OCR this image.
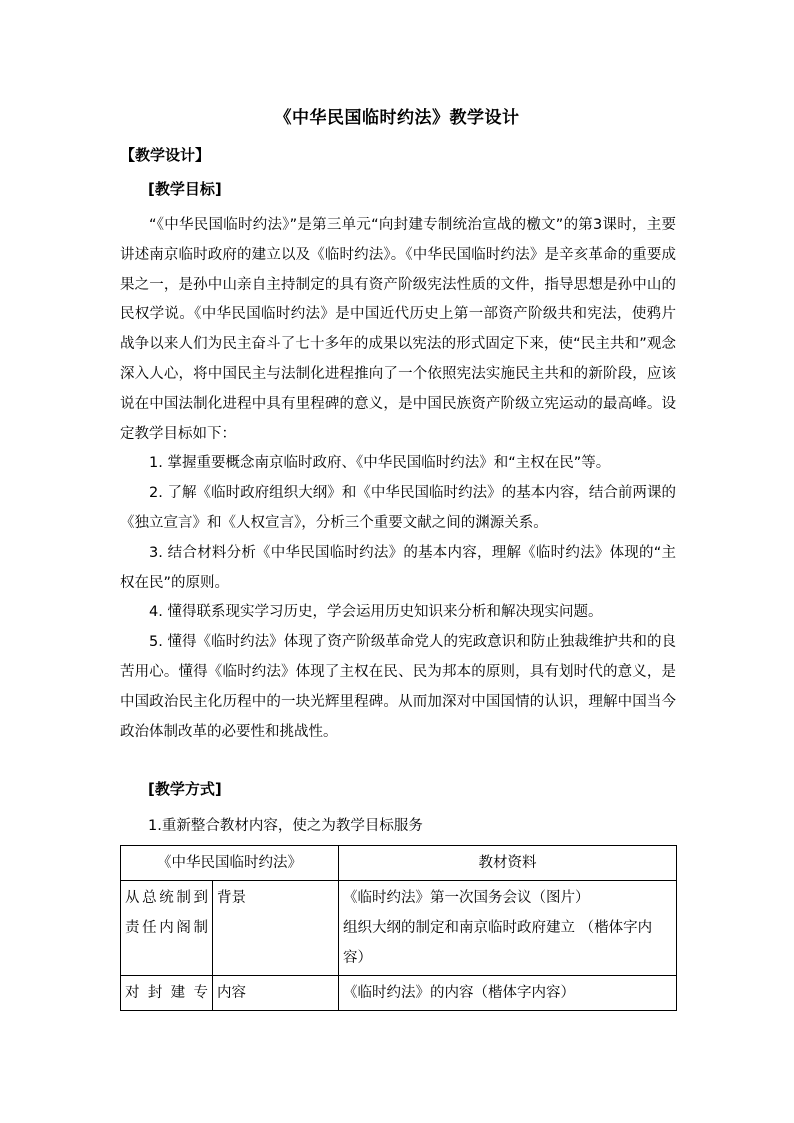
《中华民国临时约法》教学设计
【教学设计】
[教学目标]

“《中华民国临时约法》”是第三单元“向封建专制统治宣战的檄文”的第3课时，主要讲述南京临时政府的建立以及《临时约法》。《中华民国临时约法》是辛亥革命的重要成果之一，是孙中山亲自主持制定的具有资产阶级宪法性质的文件，指导思想是孙中山的民权学说。《中华民国临时约法》是中国近代历史上第一部资产阶级共和宪法，使鸦片战争以来人们为民主奋斗了七十多年的成果以宪法的形式固定下来，使“民主共和”观念深入人心，将中国民主与法制化进程推向了一个依照宪法实施民主共和的新阶段，应该说在中国法制化进程中具有里程碑的意义，是中国民族资产阶级立宪运动的最高峰。设定教学目标如下：

1. 掌握重要概念南京临时政府、《中华民国临时约法》和“主权在民”等。

2. 了解《临时政府组织大纲》和《中华民国临时约法》的基本内容，结合前两课的《独立宣言》和《人权宣言》，分析三个重要文献之间的渊源关系。

3. 结合材料分析《中华民国临时约法》的基本内容，理解《临时约法》体现的“主权在民”的原则。

4. 懂得联系现实学习历史，学会运用历史知识来分析和解决现实问题。

5. 懂得《临时约法》体现了资产阶级革命党人的宪政意识和防止独裁维护共和的良苦用心。懂得《临时约法》体现了主权在民、民为邦本的原则，具有划时代的意义，是中国政治民主化历程中的一块光辉里程碑。从而加深对中国国情的认识，理解中国当今政治体制改革的必要性和挑战性。

[教学方式]
1.重新整合教材内容，使之为教学目标服务
《中华民国临时约法》		教材资料
从总统制到责任内阁制	背景	《临时约法》第一次国务会议（图片）
组织大纲的制定和南京临时政府建立 （楷体字内容）

对封建专	内容	《临时约法》的内容（楷体字内容）
